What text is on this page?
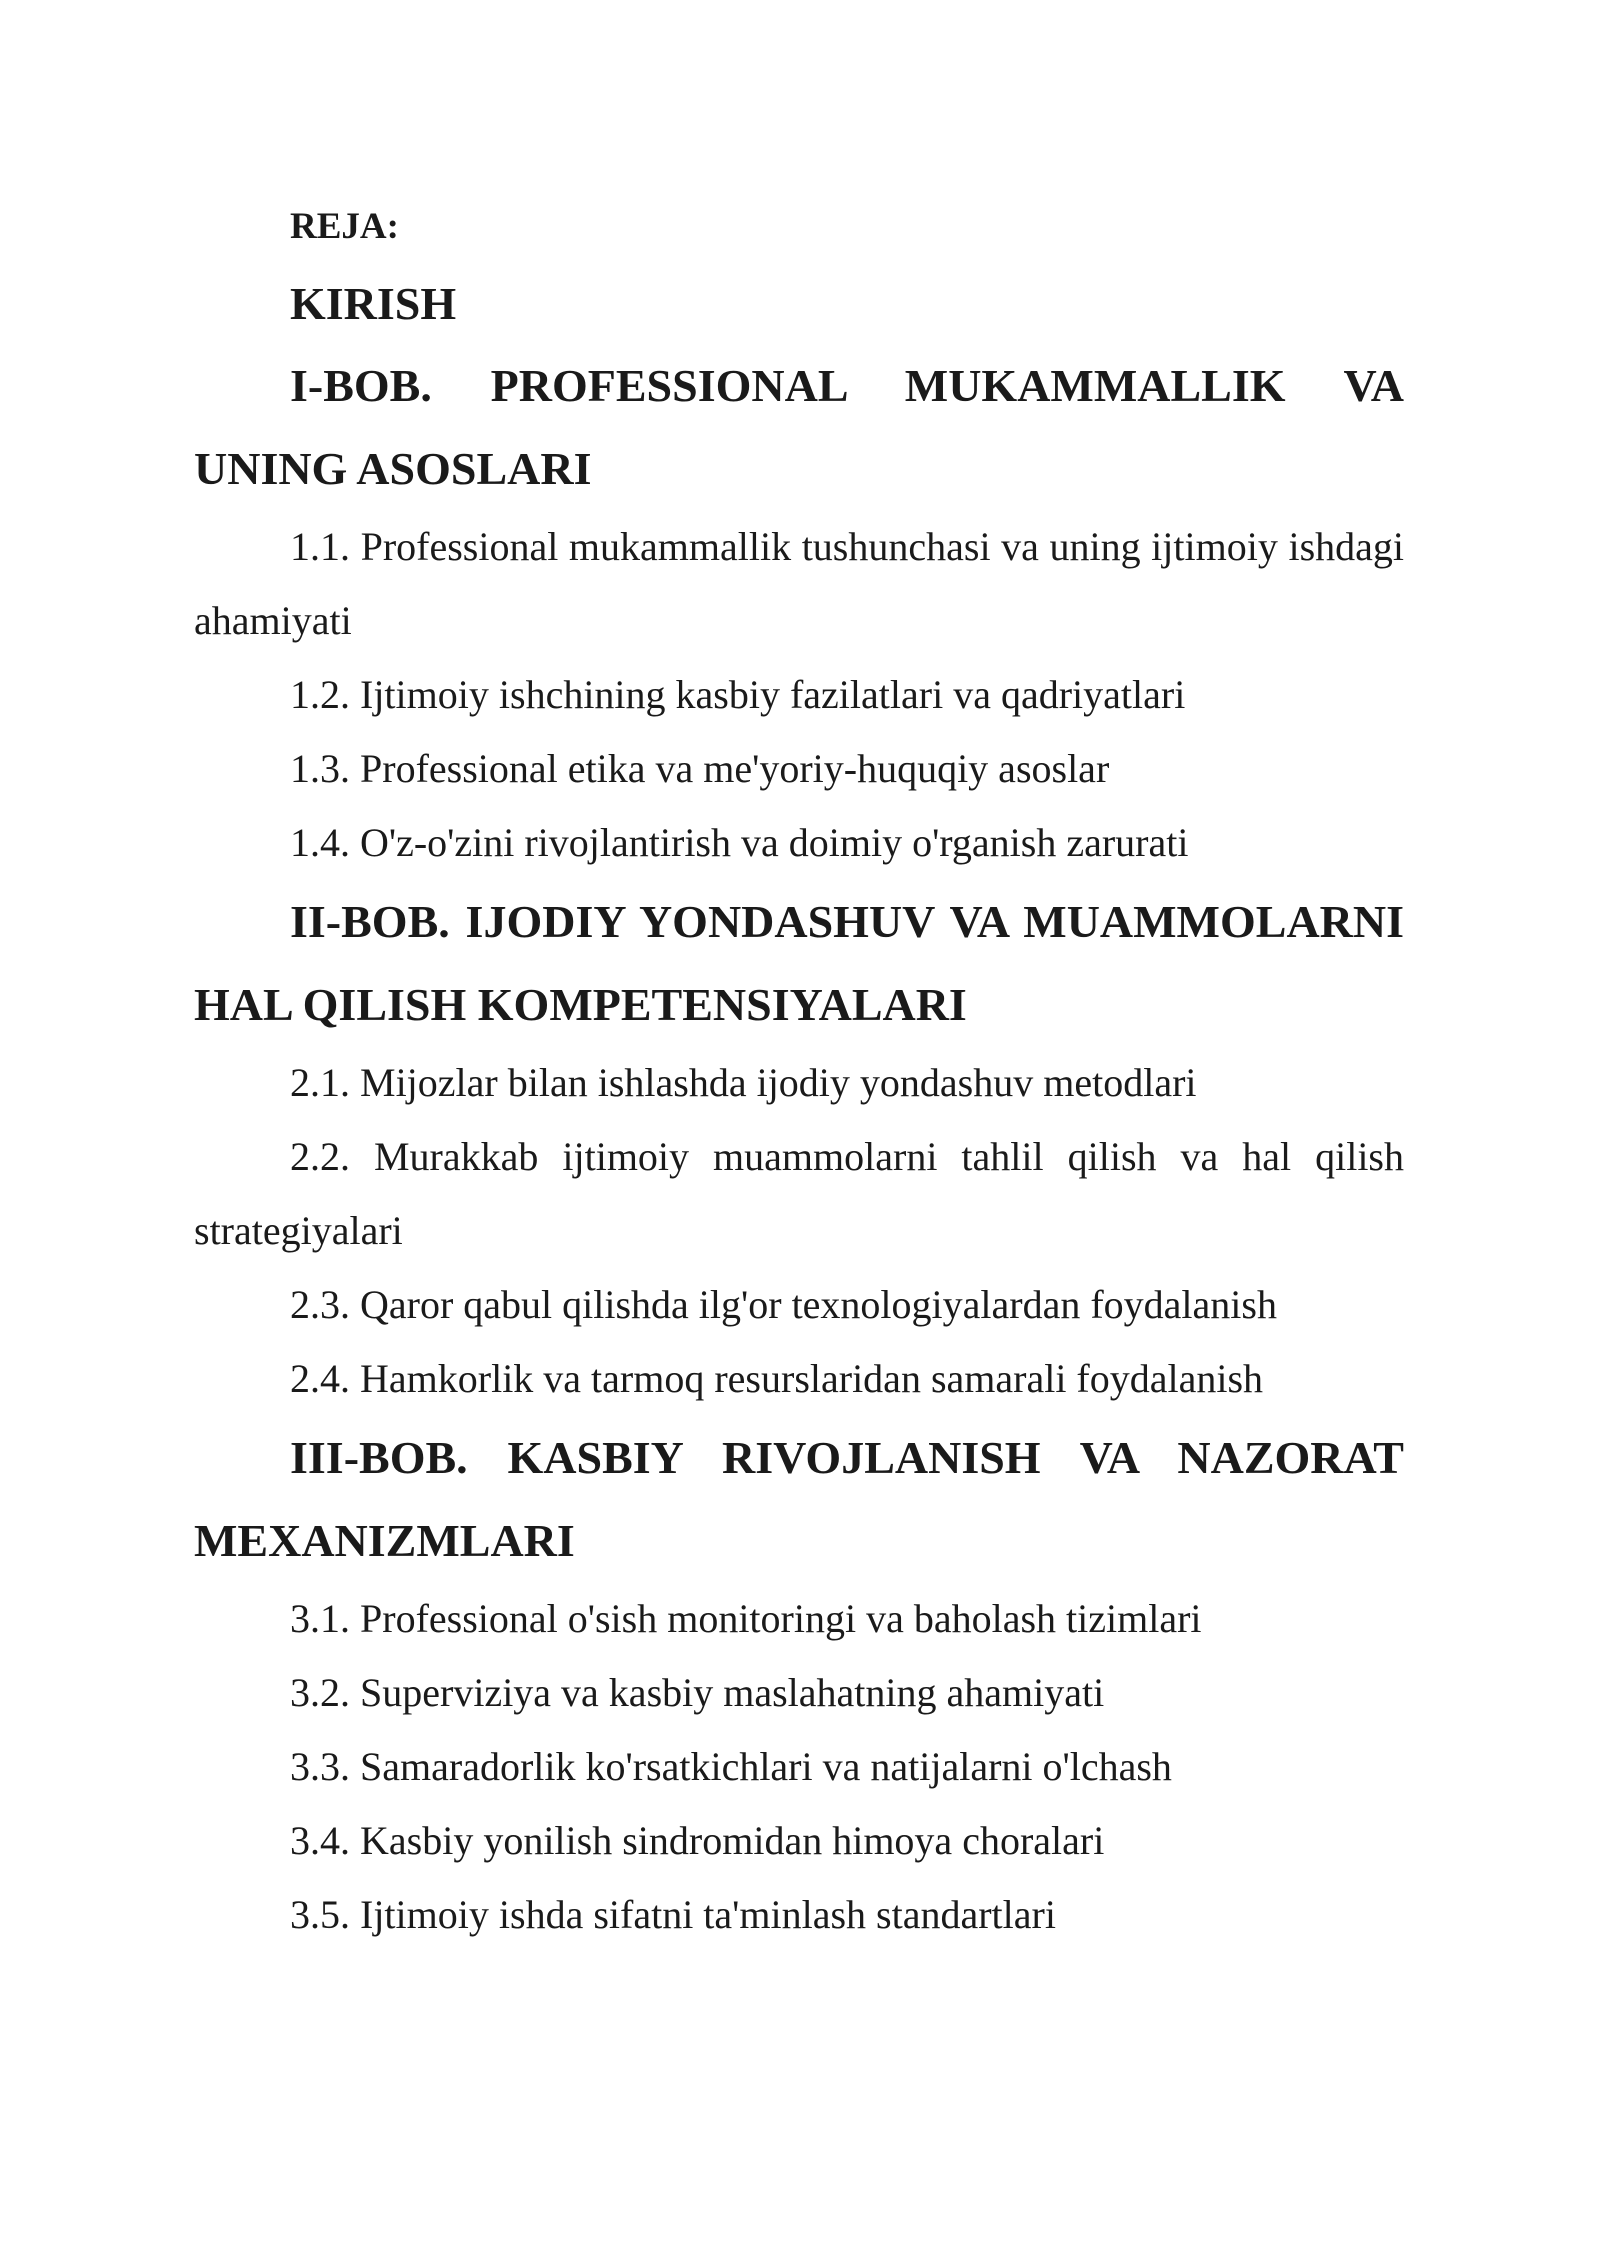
REJA:

KIRISH

I-BOB. PROFESSIONAL MUKAMMALLIK VA UNING ASOSLARI

1.1. Professional mukammallik tushunchasi va uning ijtimoiy ishdagi ahamiyati

1.2. Ijtimoiy ishchining kasbiy fazilatlari va qadriyatlari

1.3. Professional etika va me'yoriy-huquqiy asoslar

1.4. O'z-o'zini rivojlantirish va doimiy o'rganish zarurati

II-BOB. IJODIY YONDASHUV VA MUAMMOLARNI HAL QILISH KOMPETENSIYALARI

2.1. Mijozlar bilan ishlashda ijodiy yondashuv metodlari

2.2. Murakkab ijtimoiy muammolarni tahlil qilish va hal qilish strategiyalari

2.3. Qaror qabul qilishda ilg'or texnologiyalardan foydalanish

2.4. Hamkorlik va tarmoq resurslaridan samarali foydalanish

III-BOB. KASBIY RIVOJLANISH VA NAZORAT MEXANIZMLARI

3.1. Professional o'sish monitoringi va baholash tizimlari

3.2. Superviziya va kasbiy maslahatning ahamiyati

3.3. Samaradorlik ko'rsatkichlari va natijalarni o'lchash

3.4. Kasbiy yonilish sindromidan himoya choralari

3.5. Ijtimoiy ishda sifatni ta'minlash standartlari
